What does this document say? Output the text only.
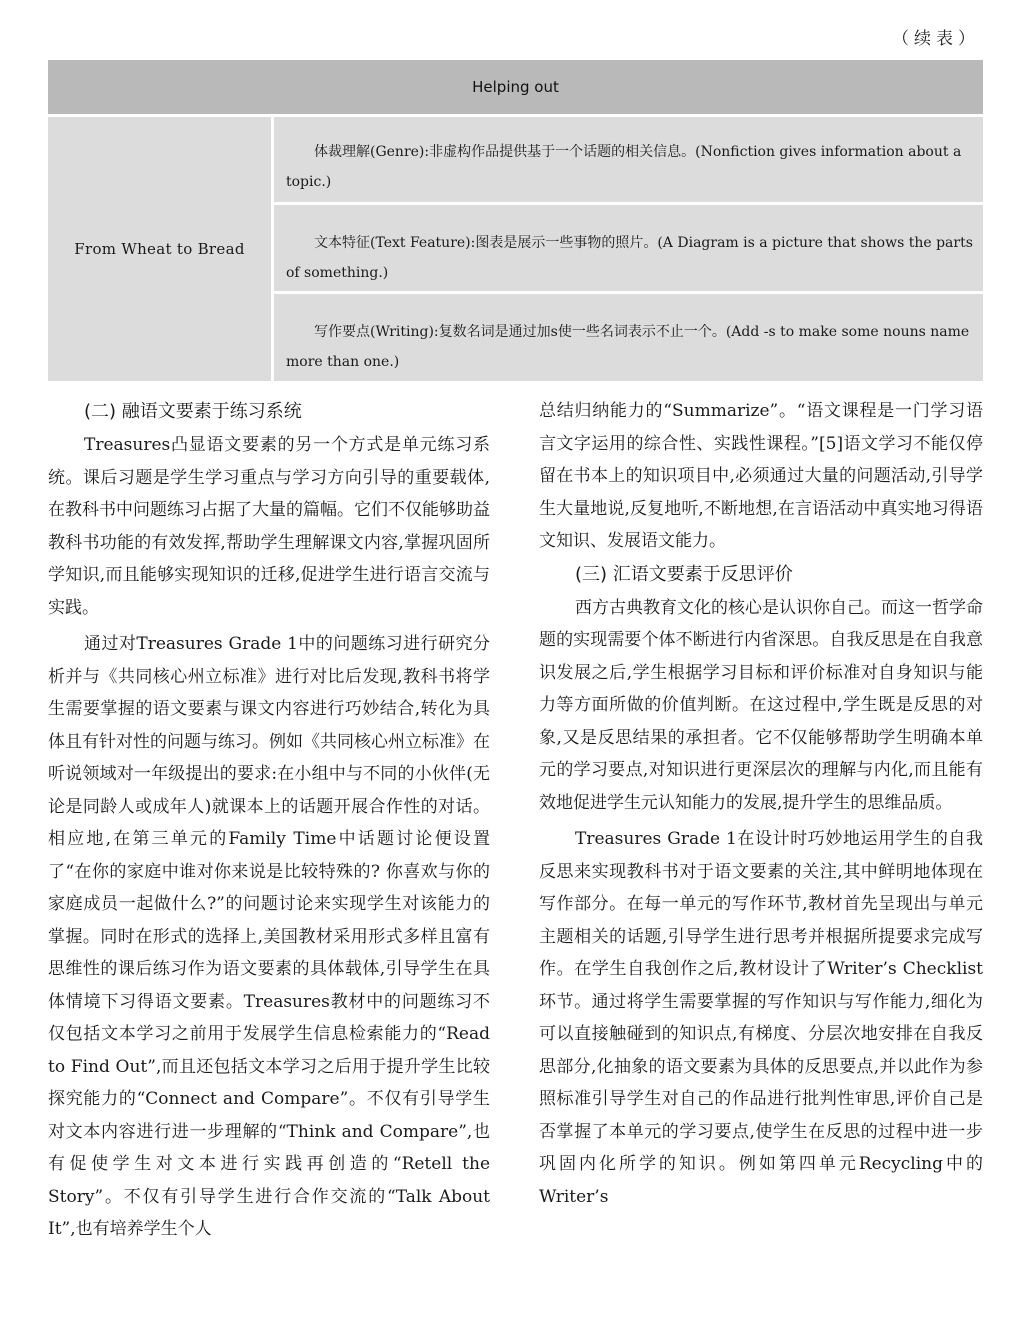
（续表）
Helping out
From Wheat to Bread
体裁理解(Genre):非虚构作品提供基于一个话题的相关信息。(Nonfiction gives information about a topic.)
文本特征(Text Feature):图表是展示一些事物的照片。(A Diagram is a picture that shows the parts of something.)
写作要点(Writing):复数名词是通过加s使一些名词表示不止一个。(Add -s to make some nouns name more than one.)
(二) 融语文要素于练习系统

Treasures凸显语文要素的另一个方式是单元练习系统。课后习题是学生学习重点与学习方向引导的重要载体,在教科书中问题练习占据了大量的篇幅。它们不仅能够助益教科书功能的有效发挥,帮助学生理解课文内容,掌握巩固所学知识,而且能够实现知识的迁移,促进学生进行语言交流与实践。

通过对Treasures Grade 1中的问题练习进行研究分析并与《共同核心州立标准》进行对比后发现,教科书将学生需要掌握的语文要素与课文内容进行巧妙结合,转化为具体且有针对性的问题与练习。例如《共同核心州立标准》在听说领域对一年级提出的要求:在小组中与不同的小伙伴(无论是同龄人或成年人)就课本上的话题开展合作性的对话。相应地,在第三单元的Family Time中话题讨论便设置了“在你的家庭中谁对你来说是比较特殊的? 你喜欢与你的家庭成员一起做什么?”的问题讨论来实现学生对该能力的掌握。同时在形式的选择上,美国教材采用形式多样且富有思维性的课后练习作为语文要素的具体载体,引导学生在具体情境下习得语文要素。Treasures教材中的问题练习不仅包括文本学习之前用于发展学生信息检索能力的“Read to Find Out”,而且还包括文本学习之后用于提升学生比较探究能力的“Connect and Compare”。不仅有引导学生对文本内容进行进一步理解的“Think and Compare”,也有促使学生对文本进行实践再创造的“Retell the Story”。不仅有引导学生进行合作交流的“Talk About It”,也有培养学生个人

总结归纳能力的“Summarize”。“语文课程是一门学习语言文字运用的综合性、实践性课程。”[5]语文学习不能仅停留在书本上的知识项目中,必须通过大量的问题活动,引导学生大量地说,反复地听,不断地想,在言语活动中真实地习得语文知识、发展语文能力。

(三) 汇语文要素于反思评价

西方古典教育文化的核心是认识你自己。而这一哲学命题的实现需要个体不断进行内省深思。自我反思是在自我意识发展之后,学生根据学习目标和评价标准对自身知识与能力等方面所做的价值判断。在这过程中,学生既是反思的对象,又是反思结果的承担者。它不仅能够帮助学生明确本单元的学习要点,对知识进行更深层次的理解与内化,而且能有效地促进学生元认知能力的发展,提升学生的思维品质。

Treasures Grade 1在设计时巧妙地运用学生的自我反思来实现教科书对于语文要素的关注,其中鲜明地体现在写作部分。在每一单元的写作环节,教材首先呈现出与单元主题相关的话题,引导学生进行思考并根据所提要求完成写作。在学生自我创作之后,教材设计了Writer’s Checklist环节。通过将学生需要掌握的写作知识与写作能力,细化为可以直接触碰到的知识点,有梯度、分层次地安排在自我反思部分,化抽象的语文要素为具体的反思要点,并以此作为参照标准引导学生对自己的作品进行批判性审思,评价自己是否掌握了本单元的学习要点,使学生在反思的过程中进一步巩固内化所学的知识。例如第四单元Recycling中的Writer’s
